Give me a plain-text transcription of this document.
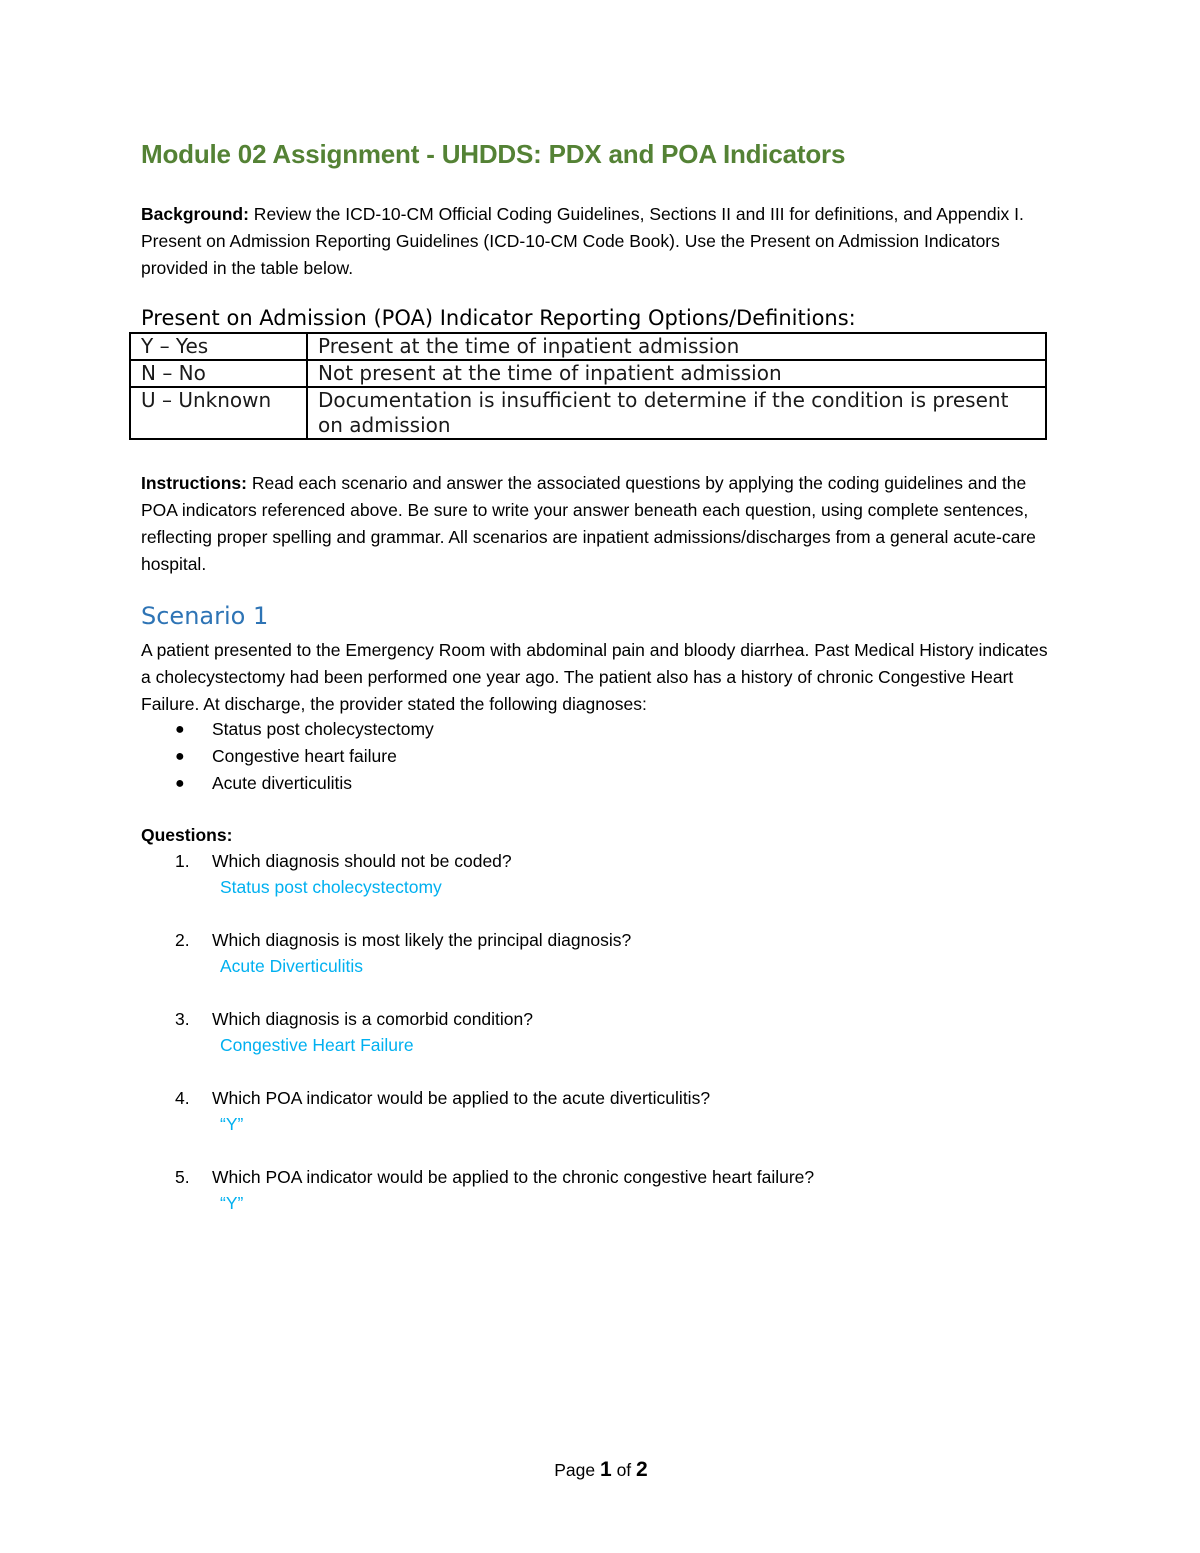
Module 02 Assignment - UHDDS: PDX and POA Indicators
Background: Review the ICD-10-CM Official Coding Guidelines, Sections II and III for definitions, and Appendix I. Present on Admission Reporting Guidelines (ICD-10-CM Code Book). Use the Present on Admission Indicators provided in the table below.
Present on Admission (POA) Indicator Reporting Options/Definitions:
Y – Yes	Present at the time of inpatient admission
N – No	Not present at the time of inpatient admission
U – Unknown	Documentation is insufficient to determine if the condition is present on admission
Instructions: Read each scenario and answer the associated questions by applying the coding guidelines and the POA indicators referenced above. Be sure to write your answer beneath each question, using complete sentences, reflecting proper spelling and grammar. All scenarios are inpatient admissions/discharges from a general acute-care hospital.
Scenario 1
A patient presented to the Emergency Room with abdominal pain and bloody diarrhea. Past Medical History indicates a cholecystectomy had been performed one year ago. The patient also has a history of chronic Congestive Heart Failure. At discharge, the provider stated the following diagnoses:
● Status post cholecystectomy
● Congestive heart failure
● Acute diverticulitis
Questions:
1. Which diagnosis should not be coded?
Status post cholecystectomy
2. Which diagnosis is most likely the principal diagnosis?
Acute Diverticulitis
3. Which diagnosis is a comorbid condition?
Congestive Heart Failure
4. Which POA indicator would be applied to the acute diverticulitis?
“Y”
5. Which POA indicator would be applied to the chronic congestive heart failure?
“Y”
Page 1 of 2
